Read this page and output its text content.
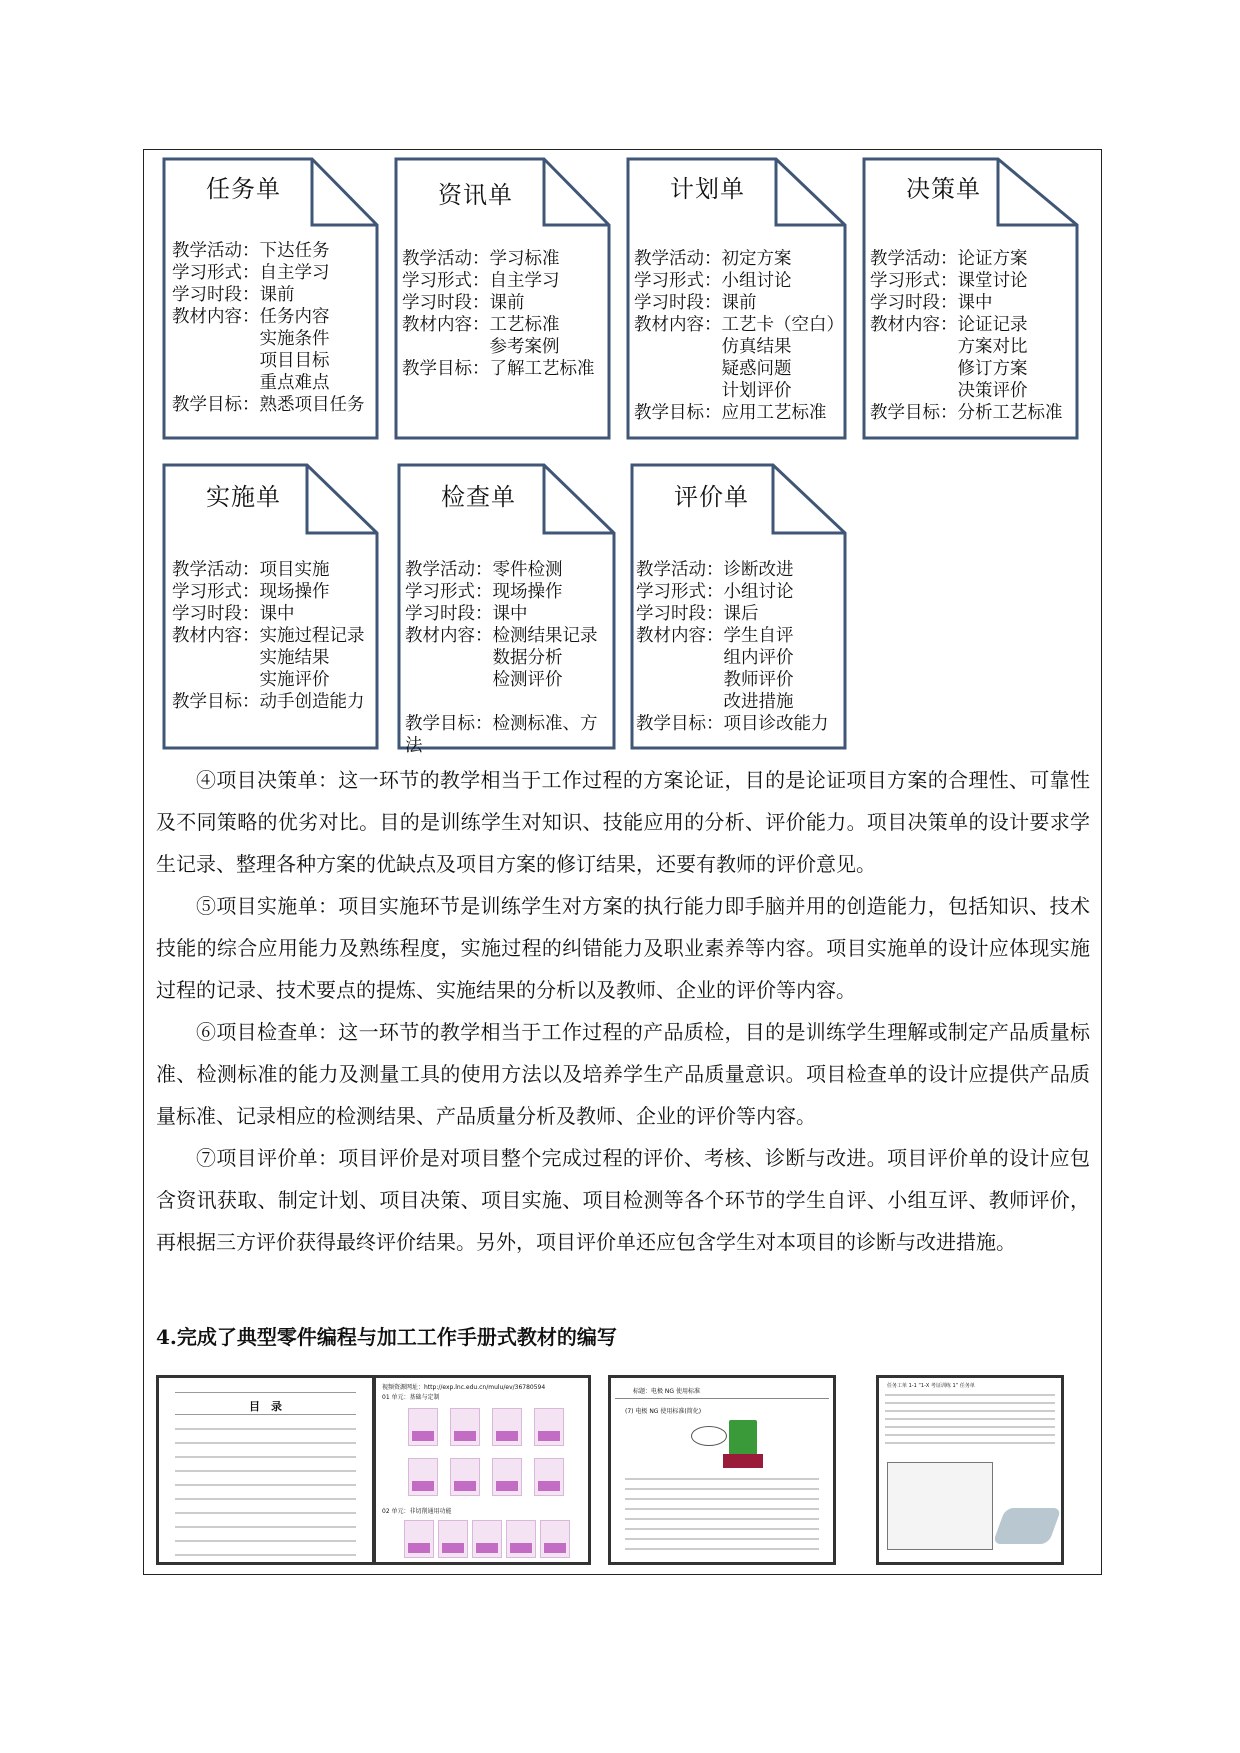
任务单
教学活动：下达任务
学习形式：自主学习
学习时段：课前
教材内容：任务内容
　　　　　实施条件
　　　　　项目目标
　　　　　重点难点
教学目标：熟悉项目任务
资讯单
教学活动：学习标准
学习形式：自主学习
学习时段：课前
教材内容：工艺标准
　　　　　参考案例
教学目标：了解工艺标准
计划单
教学活动：初定方案
学习形式：小组讨论
学习时段：课前
教材内容：工艺卡（空白）
　　　　　仿真结果
　　　　　疑惑问题
　　　　　计划评价
教学目标：应用工艺标准
决策单
教学活动：论证方案
学习形式：课堂讨论
学习时段：课中
教材内容：论证记录
　　　　　方案对比
　　　　　修订方案
　　　　　决策评价
教学目标：分析工艺标准
实施单
教学活动：项目实施
学习形式：现场操作
学习时段：课中
教材内容：实施过程记录
　　　　　实施结果
　　　　　实施评价
教学目标：动手创造能力
检查单
教学活动：零件检测
学习形式：现场操作
学习时段：课中
教材内容：检测结果记录
　　　　　数据分析
　　　　　检测评价

教学目标：检测标准、方
法
评价单
教学活动：诊断改进
学习形式：小组讨论
学习时段：课后
教材内容：学生自评
　　　　　组内评价
　　　　　教师评价
　　　　　改进措施
教学目标：项目诊改能力

④项目决策单：这一环节的教学相当于工作过程的方案论证，目的是论证项目方案的合理性、可靠性及不同策略的优劣对比。目的是训练学生对知识、技能应用的分析、评价能力。项目决策单的设计要求学生记录、整理各种方案的优缺点及项目方案的修订结果，还要有教师的评价意见。

⑤项目实施单：项目实施环节是训练学生对方案的执行能力即手脑并用的创造能力，包括知识、技术技能的综合应用能力及熟练程度，实施过程的纠错能力及职业素养等内容。项目实施单的设计应体现实施过程的记录、技术要点的提炼、实施结果的分析以及教师、企业的评价等内容。

⑥项目检查单：这一环节的教学相当于工作过程的产品质检，目的是训练学生理解或制定产品质量标准、检测标准的能力及测量工具的使用方法以及培养学生产品质量意识。项目检查单的设计应提供产品质量标准、记录相应的检测结果、产品质量分析及教师、企业的评价等内容。

⑦项目评价单：项目评价是对项目整个完成过程的评价、考核、诊断与改进。项目评价单的设计应包含资讯获取、制定计划、项目决策、项目实施、项目检测等各个环节的学生自评、小组互评、教师评价，再根据三方评价获得最终评价结果。另外，项目评价单还应包含学生对本项目的诊断与改进措施。

4.完成了典型零件编程与加工工作手册式教材的编写
目　录
视频资源网址：http://exp.lnc.edu.cn/mulu/ev/36780594
01 单元：基础与定制
02 单元：非切削通用功能
标题：电极 NG 使用标准
(7) 电极 NG 使用标准(简化)
任务工单 1-1 “1-X 考证训练 1” 任务单
